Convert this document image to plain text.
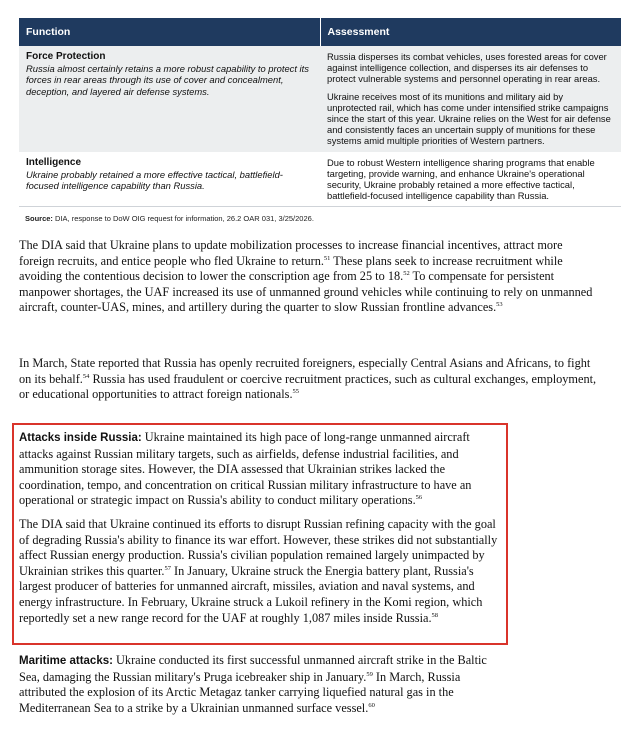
Function	Assessment

Force Protection
Russia almost certainly retains a more robust capability to protect its forces in rear areas through its use of cover and concealment, deception, and layered air defense systems.	Russia disperses its combat vehicles, uses forested areas for cover against intelligence collection, and disperses its air defenses to protect vulnerable systems and personnel operating in rear areas.
Ukraine receives most of its munitions and military aid by unprotected rail, which has come under intensified strike campaigns since the start of this year. Ukraine relies on the West for air defense and consistently faces an uncertain supply of munitions for these systems amid multiple priorities of Western partners.

Intelligence
Ukraine probably retained a more effective tactical, battlefield-focused intelligence capability than Russia.	Due to robust Western intelligence sharing programs that enable targeting, provide warning, and enhance Ukraine's operational security, Ukraine probably retained a more effective tactical, battlefield-focused intelligence capability than Russia.
Source: DIA, response to DoW OIG request for information, 26.2 OAR 031, 3/25/2026.

The DIA said that Ukraine plans to update mobilization processes to increase financial incentives, attract more foreign recruits, and entice people who fled Ukraine to return.$^{51}$ These plans seek to increase recruitment while avoiding the contentious decision to lower the conscription age from 25 to 18.52 To compensate for persistent manpower shortages, the UAF increased its use of unmanned ground vehicles while continuing to rely on unmanned aircraft, counter-UAS, mines, and artillery during the quarter to slow Russian frontline advances.$^{53}$

In March, State reported that Russia has openly recruited foreigners, especially Central Asians and Africans, to fight on its behalf.$^{54}$ Russia has used fraudulent or coercive recruitment practices, such as cultural exchanges, employment, or educational opportunities to attract foreign nationals.$^{55}$

Attacks inside Russia: Ukraine maintained its high pace of long-range unmanned aircraft attacks against Russian military targets, such as airfields, defense industrial facilities, and ammunition storage sites. However, the DIA assessed that Ukrainian strikes lacked the coordination, tempo, and concentration on critical Russian military infrastructure to have an operational or strategic impact on Russia's ability to conduct military operations.$^{56}$

The DIA said that Ukraine continued its efforts to disrupt Russian refining capacity with the goal of degrading Russia's ability to finance its war effort. However, these strikes did not substantially affect Russian energy production. Russia's civilian population remained largely unimpacted by Ukrainian strikes this quarter.$^{57}$ In January, Ukraine struck the Energia battery plant, Russia's largest producer of batteries for unmanned aircraft, missiles, aviation and naval systems, and energy infrastructure. In February, Ukraine struck a Lukoil refinery in the Komi region, which reportedly set a new range record for the UAF at roughly 1,087 miles inside Russia.$^{58}$

Maritime attacks: Ukraine conducted its first successful unmanned aircraft strike in the Baltic Sea, damaging the Russian military's Pruga icebreaker ship in January.$^{59}$ In March, Russia attributed the explosion of its Arctic Metagaz tanker carrying liquefied natural gas in the Mediterranean Sea to a strike by a Ukrainian unmanned surface vessel.$^{60}$
